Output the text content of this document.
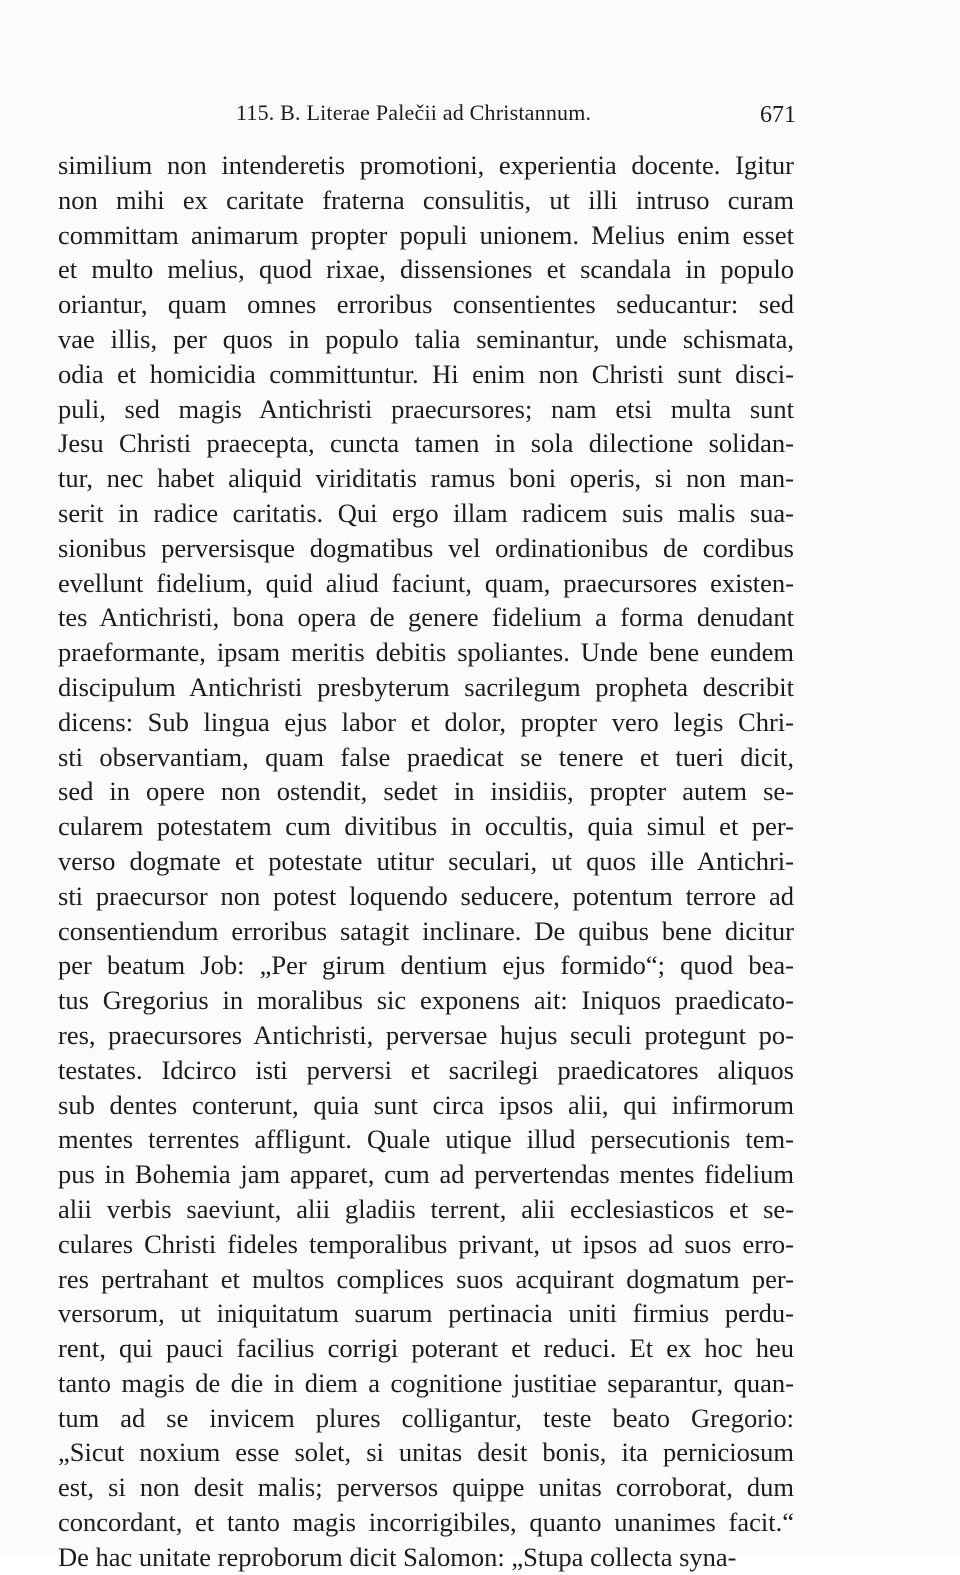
115. B. Literae Palečii ad Christannum.	671
similium non intenderetis promotioni, experientia docente. Igitur
non mihi ex caritate fraterna consulitis, ut illi intruso curam
committam animarum propter populi unionem. Melius enim esset
et multo melius, quod rixae, dissensiones et scandala in populo
oriantur, quam omnes erroribus consentientes seducantur: sed
vae illis, per quos in populo talia seminantur, unde schismata,
odia et homicidia committuntur. Hi enim non Christi sunt disci-
puli, sed magis Antichristi praecursores; nam etsi multa sunt
Jesu Christi praecepta, cuncta tamen in sola dilectione solidan-
tur, nec habet aliquid viriditatis ramus boni operis, si non man-
serit in radice caritatis. Qui ergo illam radicem suis malis sua-
sionibus perversisque dogmatibus vel ordinationibus de cordibus
evellunt fidelium, quid aliud faciunt, quam, praecursores existen-
tes Antichristi, bona opera de genere fidelium a forma denudant
praeformante, ipsam meritis debitis spoliantes. Unde bene eundem
discipulum Antichristi presbyterum sacrilegum propheta describit
dicens: Sub lingua ejus labor et dolor, propter vero legis Chri-
sti observantiam, quam false praedicat se tenere et tueri dicit,
sed in opere non ostendit, sedet in insidiis, propter autem se-
cularem potestatem cum divitibus in occultis, quia simul et per-
verso dogmate et potestate utitur seculari, ut quos ille Antichri-
sti praecursor non potest loquendo seducere, potentum terrore ad
consentiendum erroribus satagit inclinare. De quibus bene dicitur
per beatum Job: „Per girum dentium ejus formido“; quod bea-
tus Gregorius in moralibus sic exponens ait: Iniquos praedicato-
res, praecursores Antichristi, perversae hujus seculi protegunt po-
testates. Idcirco isti perversi et sacrilegi praedicatores aliquos
sub dentes conterunt, quia sunt circa ipsos alii, qui infirmorum
mentes terrentes affligunt. Quale utique illud persecutionis tem-
pus in Bohemia jam apparet, cum ad pervertendas mentes fidelium
alii verbis saeviunt, alii gladiis terrent, alii ecclesiasticos et se-
culares Christi fideles temporalibus privant, ut ipsos ad suos erro-
res pertrahant et multos complices suos acquirant dogmatum per-
versorum, ut iniquitatum suarum pertinacia uniti firmius perdu-
rent, qui pauci facilius corrigi poterant et reduci. Et ex hoc heu
tanto magis de die in diem a cognitione justitiae separantur, quan-
tum ad se invicem plures colligantur, teste beato Gregorio:
„Sicut noxium esse solet, si unitas desit bonis, ita perniciosum
est, si non desit malis; perversos quippe unitas corroborat, dum
concordant, et tanto magis incorrigibiles, quanto unanimes facit.“
De hac unitate reproborum dicit Salomon: „Stupa collecta syna-
